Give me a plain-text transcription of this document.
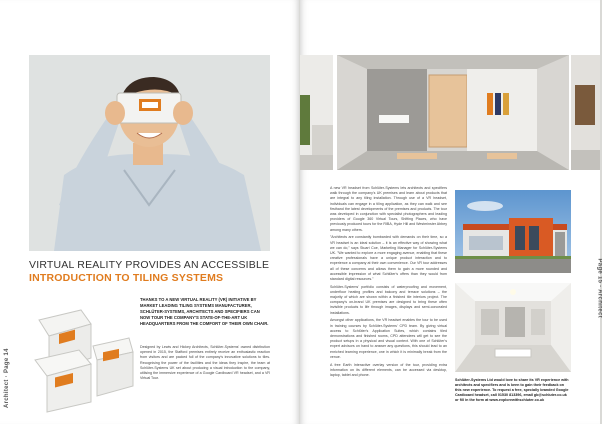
Architect · Page 14
VIRTUAL REALITY PROVIDES AN ACCESSIBLE
INTRODUCTION TO TILING SYSTEMS
THANKS TO A NEW VIRTUAL REALITY (VR) INITIATIVE BY MARKET LEADING TILING SYSTEMS MANUFACTURER, SCHLÜTER-SYSTEMS, ARCHITECTS AND SPECIFIERS CAN NOW TOUR THE COMPANY'S STATE-OF-THE-ART UK HEADQUARTERS FROM THE COMFORT OF THEIR OWN CHAIR.
Designed by Lewis and Hickey Architects, Schlüter-Systems' owned distribution opened in 2015, the Stafford premises entirely receive an enthusiastic reaction from visitors and are packed full of the company's innovative solutions to tiles. Recognising the power of the facilities and the ideas they inspire, the team at Schlüter-Systems UK set about producing a visual introduction to the company, utilising the immersive experience of a Google Cardboard VR headset, and a VR Virtual Tour.
Page 15 · Architect

A new VR headset from Schlüter-Systems lets architects and specifiers walk through the company's UK premises and learn about products that are integral to any tiling installation. Through use of a VR headset, individuals can engage in a tiling application, as they can walk and see firsthand the latest developments of the premises and products. The tour was developed in conjunction with specialist photographers and leading providers of Google 360 Virtual Tours, Shifting Places, who have previously produced tours for the RIBA, Hyde Hill and Westminster Abbey among many others.

"Architects are constantly bombarded with demands on their time, so a VR headset is an ideal solution – it is an effective way of showing what we can do," says Stuart Coe, Marketing Manager for Schlüter-Systems UK. "We wanted to explore a more engaging avenue, enabling that these creative professionals have a unique product interaction and to experience a company at their own convenience. Our VR tour addresses all of these concerns and allows them to gain a more rounded and accessible impression of what Schlüter's offers than they would from standard digital resources."

Schlüter-Systems' portfolio consists of waterproofing and movement, underfloor heating profiles and balcony and terrace solutions – the majority of which are shown within a finished tile interiors project. The company's on-brand UK premises are designed to bring these often invisible products to life through images, displays and semi-concealed installations.

Amongst other applications, the VR headset enables the tour to be used in training courses by Schlüter-Systems' CPD team. By giving virtual access to Schlüter's Application Suites, which contains tiled demonstrations and finished rooms, CPD attendees will get to see the product setups in a physical and visual context. With one of Schlüter's expert advisors on hand to answer any questions, this should lead to an enriched learning experience, one in which it is minimally break from the venue.

A free Earth Interactive overlay version of the tour, providing extra information on its different elements, can be accessed via desktop, laptop, tablet and phone.

Schlüter-Systems Ltd would love to share its VR experience with architects and specifiers and is keen to gain their feedback on this new experience. To request a free, specially branded Google Cardboard headset, call 01530 813396, email gb@schluter.co.uk or fill in the form at www.explorewithschluter.co.uk
